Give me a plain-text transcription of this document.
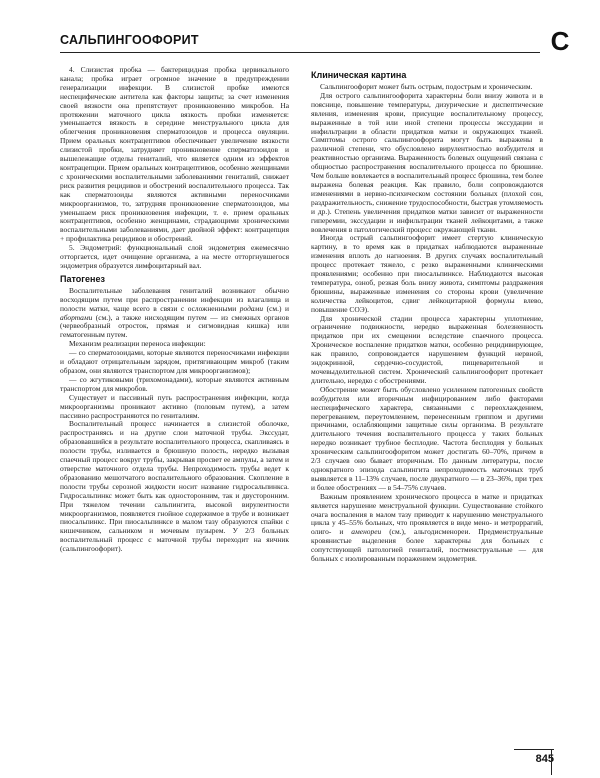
САЛЬПИНГООФОРИТ	С

4. Слизистая пробка — бактерицидная пробка цервикального канала; пробка играет огромное значение в предупреждении генерализации инфекции. В слизистой пробке имеются неспецифические антитела как факторы защиты; за счет изменения своей вязкости она препятствует проникновению микробов. На протяжении маточного цикла вязкость пробки изменяется: уменьшается вязкость в середине менструального цикла для облегчения проникновения сперматозоидов и процесса овуляции. Прием оральных контрацептивов обеспечивает увеличение вязкости слизистой пробки, затрудняет проникновение сперматозоидов и вышележащие отделы гениталий, что является одним из эффектов контрацепции. Прием оральных контрацептивов, особенно женщинами с хроническими воспалительными заболеваниями гениталий, снижает риск развития рецидивов и обострений воспалительного процесса. Так как сперматозоиды являются активными переносчиками микроорганизмов, то, затрудняя проникновение сперматозоидов, мы уменьшаем риск проникновения инфекции, т. е. прием оральных контрацептивов, особенно женщинами, страдающими хроническими воспалительными заболеваниями, дает двойной эффект: контрацепция + профилактика рецидивов и обострений.

5. Эндометрий: функциональный слой эндометрия ежемесячно отторгается, идет очищение организма, а на месте отторгнувшегося эндометрия образуется лимфоцитарный вал.

Патогенез

Воспалительные заболевания гениталий возникают обычно восходящим путем при распространении инфекции из влагалища и полости матки, чаще всего в связи с осложненными родами (см.) и абортами (см.), а также нисходящим путем — из смежных органов (червеобразный отросток, прямая и сигмовидная кишка) или гематогенным путем.

Механизм реализации переноса инфекции:

— со сперматозоидами, которые являются переносчиками инфекции и обладают отрицательным зарядом, притягивающим микроб (таким образом, они являются транспортом для микроорганизмов);

— со жгутиковыми (трихомонадами), которые являются активным транспортом для микробов.

Существует и пассивный путь распространения инфекции, когда микроорганизмы проникают активно (половым путем), а затем пассивно распространяются по гениталиям.

Воспалительный процесс начинается в слизистой оболочке, распространяясь и на другие слои маточной трубы. Экссудат, образовавшийся в результате воспалительного процесса, скапливаясь в полости трубы, изливается в брюшную полость, нередко вызывая спаечный процесс вокруг трубы, закрывая просвет ее ампулы, а затем и отверстие маточного отдела трубы. Непроходимость трубы ведет к образованию мешотчатого воспалительного образования. Скопление в полости трубы серозной жидкости носит название гидросальпинкса. Гидросальпинкс может быть как односторонним, так и двусторонним. При тяжелом течении сальпингита, высокой вирулентности микроорганизмов, появляется гнойное содержимое в трубе и возникает пиосальпинкс. При пиосальпинксе в малом тазу образуются спайки с кишечником, сальником и мочевым пузырем. У 2/3 больных воспалительный процесс с маточной трубы переходит на яичник (сальпингоофорит).

Клиническая картина

Сальпингоофорит может быть острым, подострым и хроническим.

Для острого сальпингоофорита характерны боли внизу живота и в пояснице, повышение температуры, дизурические и диспептические явления, изменения крови, присущие воспалительному процессу, выраженные в той или иной степени процессы экссудации и инфильтрации в области придатков матки и окружающих тканей. Симптомы острого сальпингоофорита могут быть выражены в различной степени, что обусловлено вирулентностью возбудителя и реактивностью организма. Выраженность болевых ощущений связана с общностью распространения воспалительного процесса по брюшине. Чем больше вовлекается в воспалительный процесс брюшина, тем более выражена болевая реакция. Как правило, боли сопровождаются изменениями в нервно-психическом состоянии больных (плохой сон, раздражительность, снижение трудоспособности, быстрая утомляемость и др.). Степень увеличения придатков матки зависит от выраженности гиперемии, экссудации и инфильтрации тканей лейкоцитами, а также вовлечения в патологический процесс окружающей ткани.

Иногда острый сальпингоофорит имеет стертую клиническую картину, в то время как в придатках наблюдаются выраженные изменения вплоть до нагноения. В других случаях воспалительный процесс протекает тяжело, с резко выраженными клиническими проявлениями; особенно при пиосальпинксе. Наблюдаются высокая температура, озноб, резкая боль внизу живота, симптомы раздражения брюшины, выраженные изменения со стороны крови (увеличение количества лейкоцитов, сдвиг лейкоцитарной формулы влево, повышение СОЭ).

Для хронической стадии процесса характерны уплотнение, ограничение подвижности, нередко выраженная болезненность придатков при их смещении вследствие спаечного процесса. Хроническое воспаление придатков матки, особенно рецидивирующее, как правило, сопровождается нарушением функций нервной, эндокринной, сердечно-сосудистой, пищеварительной и мочевыделительной систем. Хронический сальпингоофорит протекает длительно, нередко с обострениями.

Обострение может быть обусловлено усилением патогенных свойств возбудителя или вторичным инфицированием либо факторами неспецифического характера, связанными с переохлаждением, перегреванием, переутомлением, перенесенным гриппом и другими причинами, ослабляющими защитные силы организма. В результате длительного течения воспалительного процесса у таких больных нередко возникает трубное бесплодие. Частота бесплодия у больных хроническим сальпингоофоритом может достигать 60–70%, причем в 2/3 случаев оно бывает вторичным. По данным литературы, после однократного эпизода сальпингита непроходимость маточных труб выявляется в 11–13% случаев, после двукратного — в 23–36%, при трех и более обострениях — в 54–75% случаев.

Важным проявлением хронического процесса в матке и придатках является нарушение менструальной функции. Существование стойкого очага воспаления в малом тазу приводит к нарушению менструального цикла у 45–55% больных, что проявляется в виде мено- и метроррагий, олиго- и аменореи (см.), альгодисменореи. Предменструальные кровянистые выделения более характерны для больных с сопутствующей патологией гениталий, постменструальные — для больных с изолированным поражением эндометрия.

845
